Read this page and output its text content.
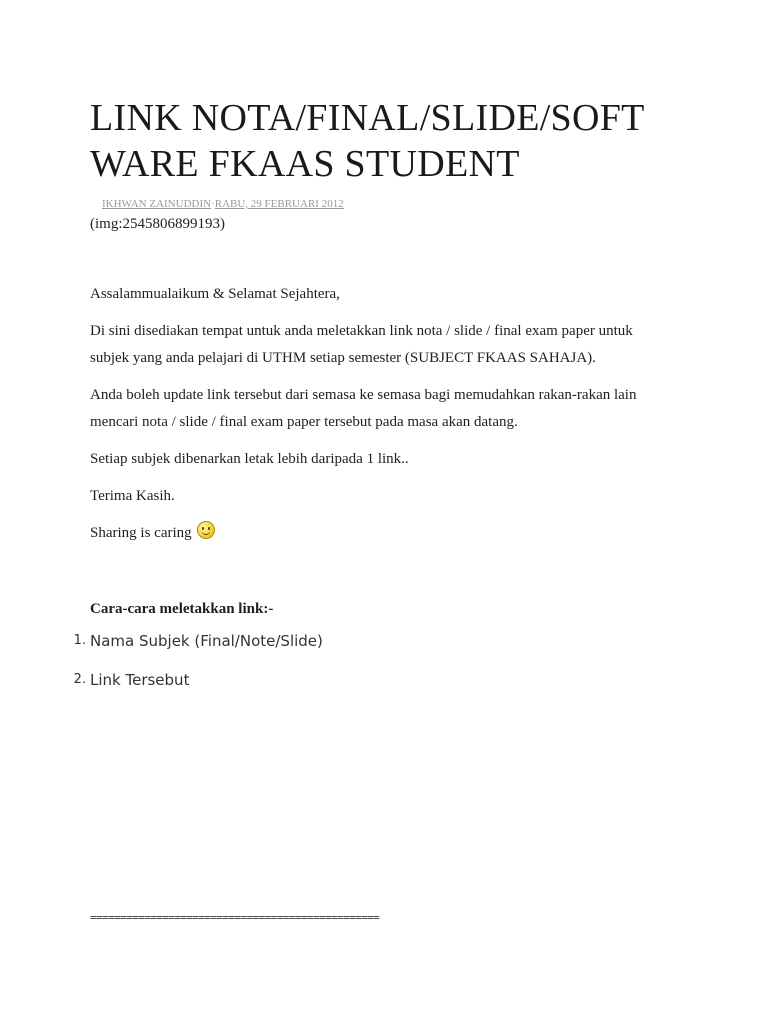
LINK NOTA/FINAL/SLIDE/SOFTWARE FKAAS STUDENT
IKHWAN ZAINUDDIN·RABU, 29 FEBRUARI 2012
(img:2545806899193)

Assalammualaikum & Selamat Sejahtera,

Di sini disediakan tempat untuk anda meletakkan link nota / slide / final exam paper untuk subjek yang anda pelajari di UTHM setiap semester (SUBJECT FKAAS SAHAJA).

Anda boleh update link tersebut dari semasa ke semasa bagi memudahkan rakan-rakan lain mencari nota / slide / final exam paper tersebut pada masa akan datang.

Setiap subjek dibenarkan letak lebih daripada 1 link..

Terima Kasih.

Sharing is caring

Cara-cara meletakkan link:-
1. Nama Subjek (Final/Note/Slide)
2. Link Tersebut
================================================
